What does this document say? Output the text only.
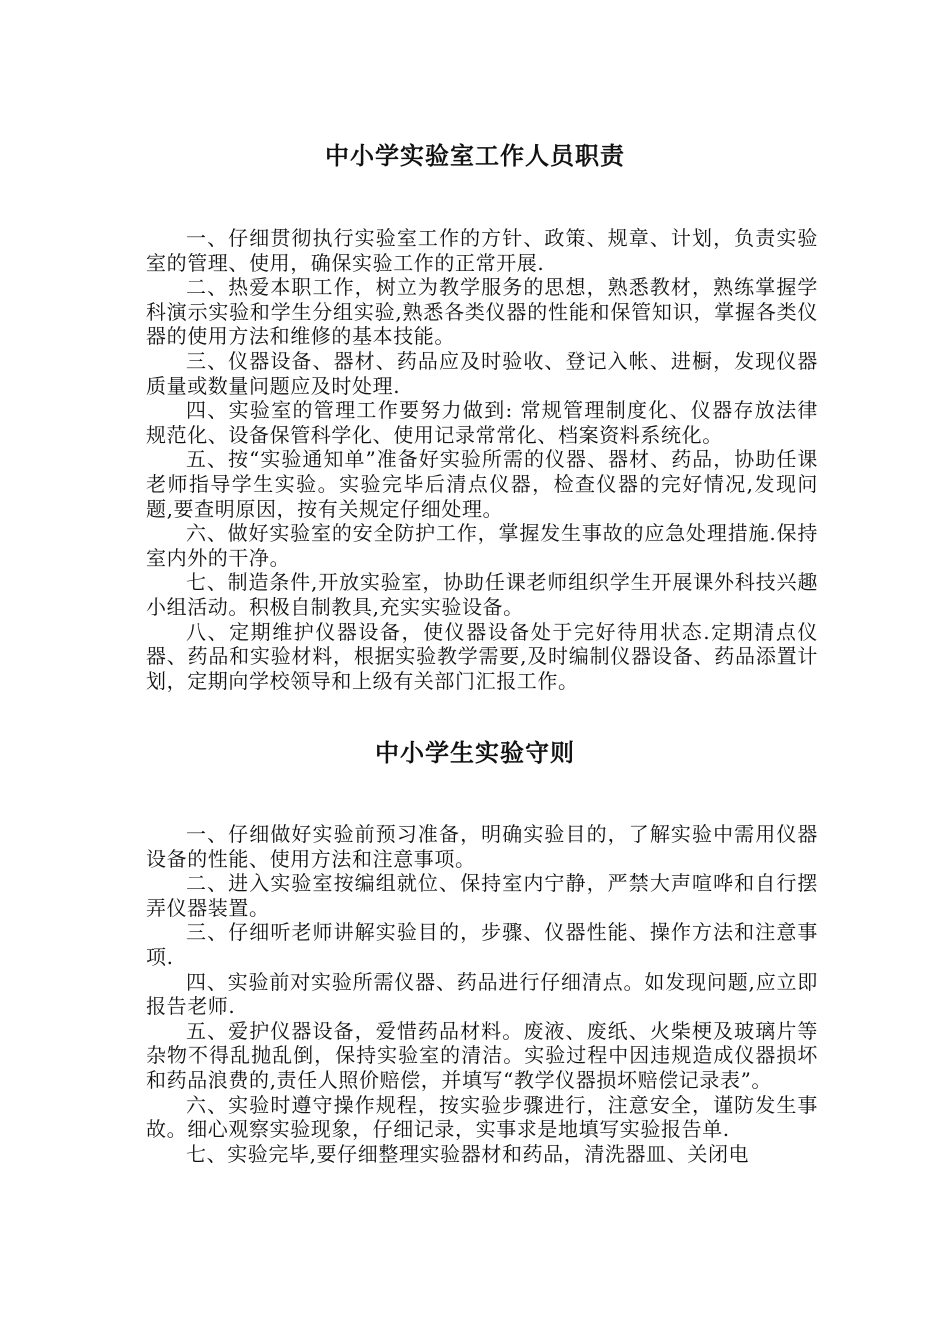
中小学实验室工作人员职责

一、仔细贯彻执行实验室工作的方针、政策、规章、计划，负责实验室的管理、使用，确保实验工作的正常开展.

二、热爱本职工作，树立为教学服务的思想，熟悉教材，熟练掌握学科演示实验和学生分组实验,熟悉各类仪器的性能和保管知识，掌握各类仪器的使用方法和维修的基本技能。

三、仪器设备、器材、药品应及时验收、登记入帐、进橱，发现仪器质量或数量问题应及时处理.

四、实验室的管理工作要努力做到: 常规管理制度化、仪器存放法律规范化、设备保管科学化、使用记录常常化、档案资料系统化。

五、按“实验通知单”准备好实验所需的仪器、器材、药品，协助任课老师指导学生实验。实验完毕后清点仪器，检查仪器的完好情况,发现问题,要查明原因，按有关规定仔细处理。

六、做好实验室的安全防护工作，掌握发生事故的应急处理措施.保持室内外的干净。

七、制造条件,开放实验室，协助任课老师组织学生开展课外科技兴趣小组活动。积极自制教具,充实实验设备。

八、定期维护仪器设备，使仪器设备处于完好待用状态.定期清点仪器、药品和实验材料，根据实验教学需要,及时编制仪器设备、药品添置计划，定期向学校领导和上级有关部门汇报工作。

中小学生实验守则

一、仔细做好实验前预习准备，明确实验目的，了解实验中需用仪器设备的性能、使用方法和注意事项。

二、进入实验室按编组就位、保持室内宁静，严禁大声喧哗和自行摆弄仪器装置。

三、仔细听老师讲解实验目的，步骤、仪器性能、操作方法和注意事项.

四、实验前对实验所需仪器、药品进行仔细清点。如发现问题,应立即报告老师.

五、爱护仪器设备，爱惜药品材料。废液、废纸、火柴梗及玻璃片等杂物不得乱抛乱倒，保持实验室的清洁。实验过程中因违规造成仪器损坏和药品浪费的,责任人照价赔偿，并填写“教学仪器损坏赔偿记录表”。

六、实验时遵守操作规程，按实验步骤进行，注意安全，谨防发生事故。细心观察实验现象，仔细记录，实事求是地填写实验报告单.

七、实验完毕,要仔细整理实验器材和药品，清洗器皿、关闭电
